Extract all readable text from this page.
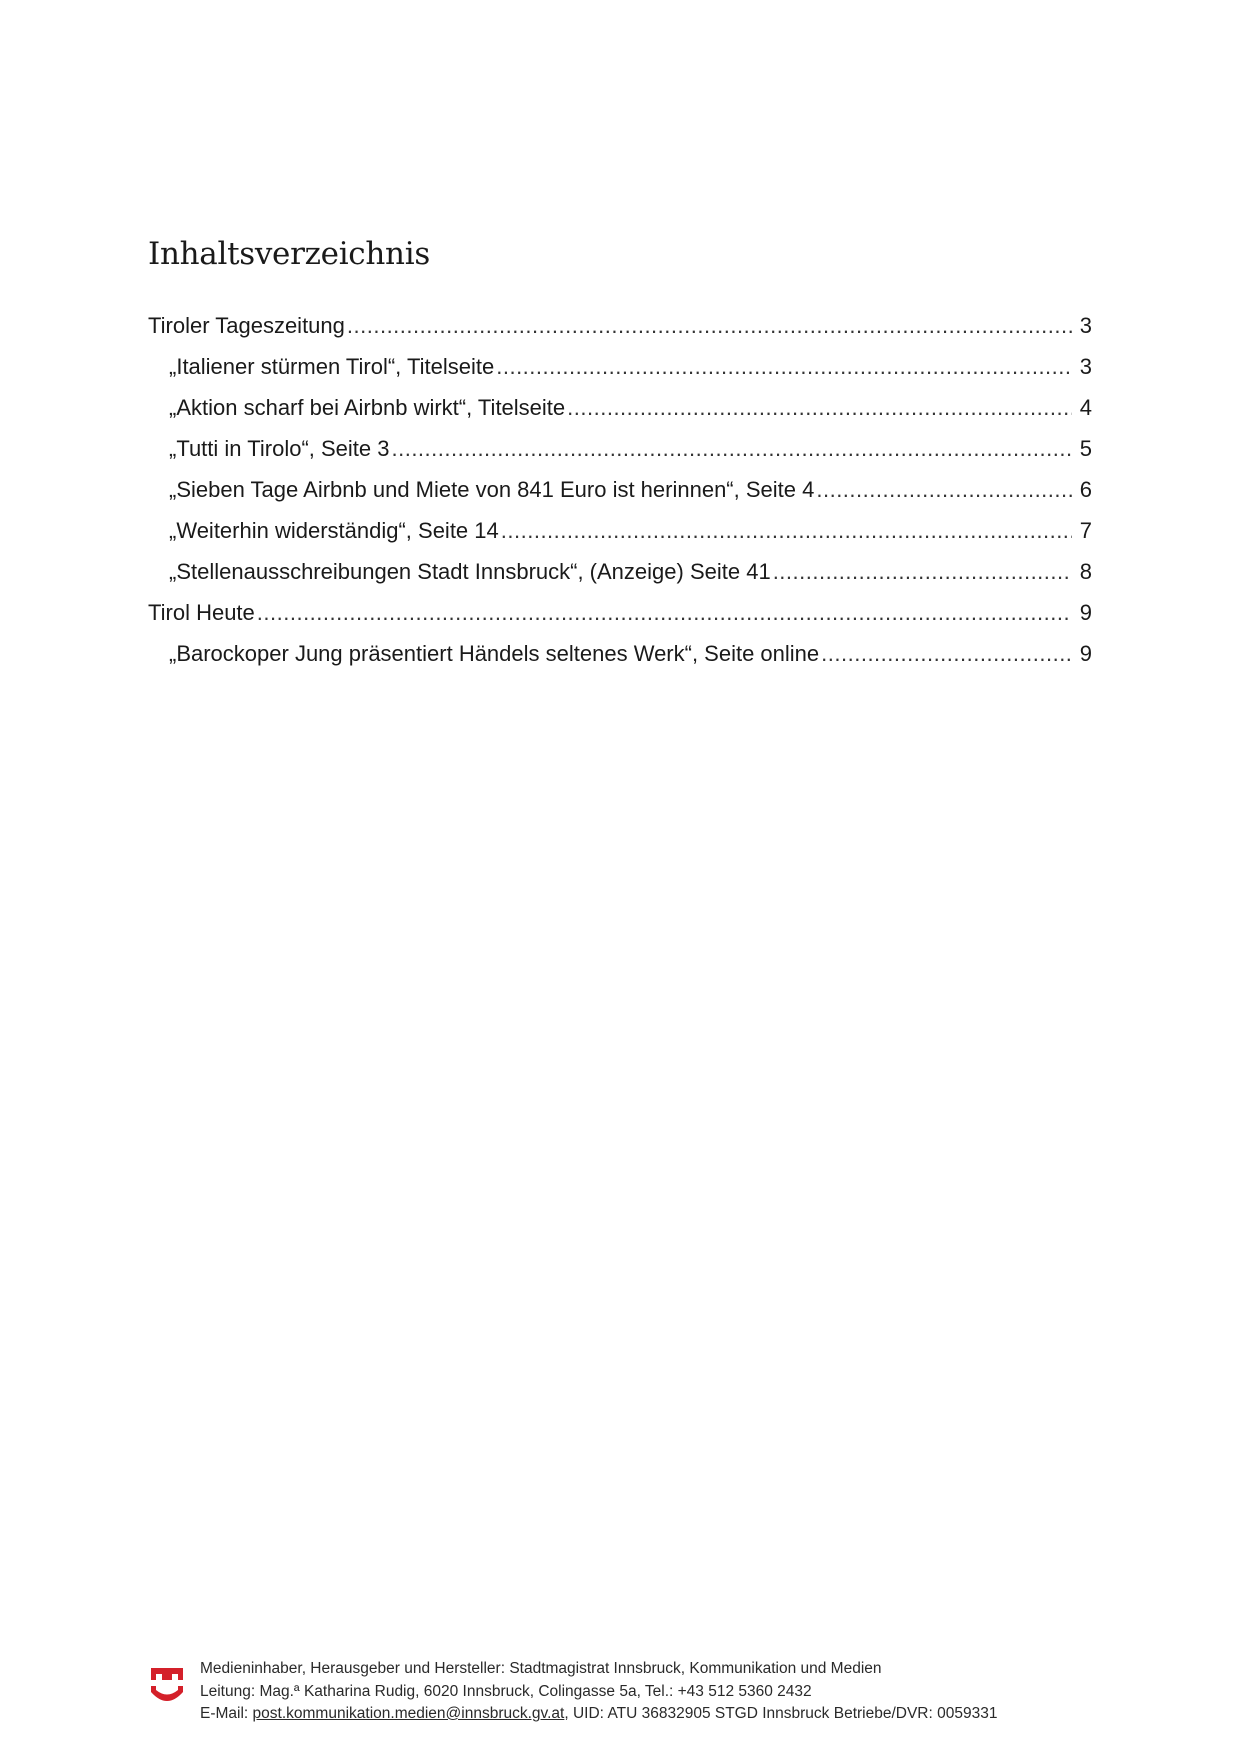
Inhaltsverzeichnis
Tiroler Tageszeitung .....	3
„Italiener stürmen Tirol“, Titelseite .....	3
„Aktion scharf bei Airbnb wirkt“, Titelseite .....	4
„Tutti in Tirolo“, Seite 3 .....	5
„Sieben Tage Airbnb und Miete von 841 Euro ist herinnen“, Seite 4 .....	6
„Weiterhin widerständig“, Seite 14 .....	7
„Stellenausschreibungen Stadt Innsbruck“, (Anzeige) Seite 41 .....	8
Tirol Heute .....	9
„Barockoper Jung präsentiert Händels seltenes Werk“, Seite online .....	9
Medieninhaber, Herausgeber und Hersteller: Stadtmagistrat Innsbruck, Kommunikation und Medien
Leitung: Mag.ª Katharina Rudig, 6020 Innsbruck, Colingasse 5a, Tel.: +43 512 5360 2432
E-Mail: post.kommunikation.medien@innsbruck.gv.at, UID: ATU 36832905 STGD Innsbruck Betriebe/DVR: 0059331
